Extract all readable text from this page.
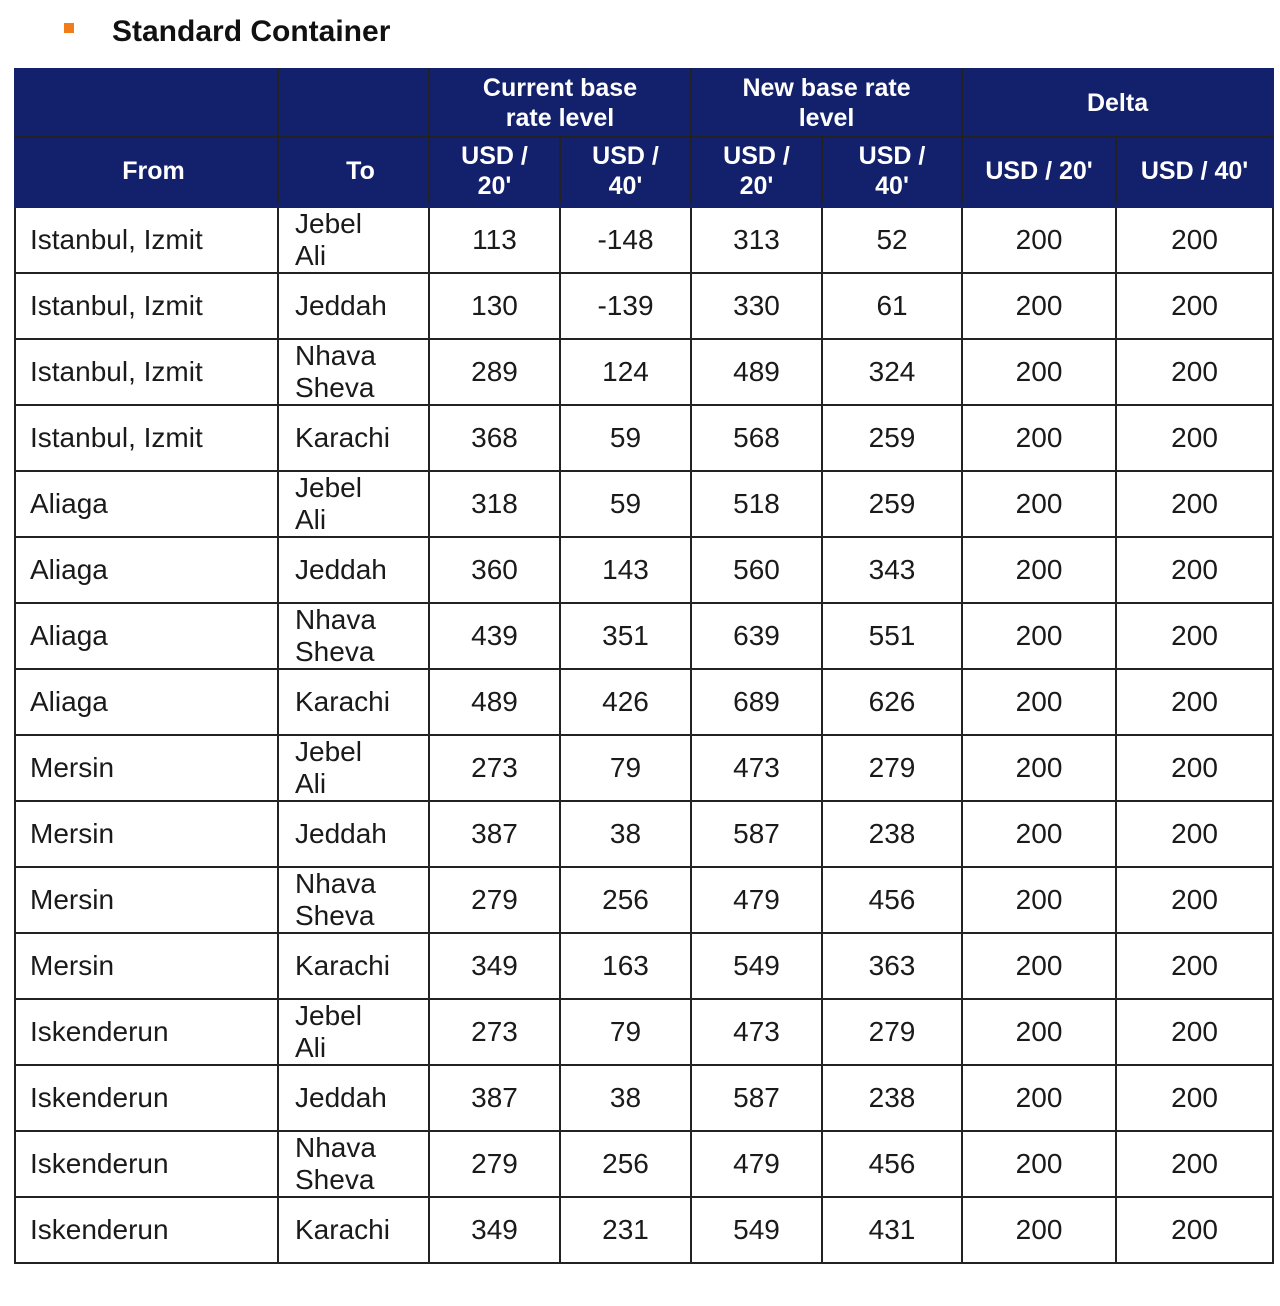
Standard Container
		Current base rate level		New base rate level		Delta	
From	To	USD / 20'	USD / 40'	USD / 20'	USD / 40'	USD / 20'	USD / 40'
Istanbul, Izmit	Jebel Ali	113	-148	313	52	200	200
Istanbul, Izmit	Jeddah	130	-139	330	61	200	200
Istanbul, Izmit	Nhava Sheva	289	124	489	324	200	200
Istanbul, Izmit	Karachi	368	59	568	259	200	200
Aliaga	Jebel Ali	318	59	518	259	200	200
Aliaga	Jeddah	360	143	560	343	200	200
Aliaga	Nhava Sheva	439	351	639	551	200	200
Aliaga	Karachi	489	426	689	626	200	200
Mersin	Jebel Ali	273	79	473	279	200	200
Mersin	Jeddah	387	38	587	238	200	200
Mersin	Nhava Sheva	279	256	479	456	200	200
Mersin	Karachi	349	163	549	363	200	200
Iskenderun	Jebel Ali	273	79	473	279	200	200
Iskenderun	Jeddah	387	38	587	238	200	200
Iskenderun	Nhava Sheva	279	256	479	456	200	200
Iskenderun	Karachi	349	231	549	431	200	200
